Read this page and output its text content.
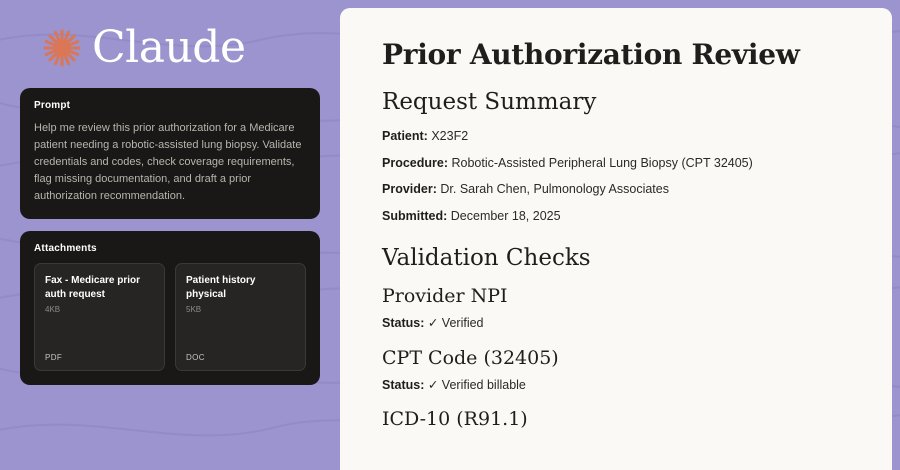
Claude
Prompt
Help me review this prior authorization for a Medicare patient needing a robotic-assisted lung biopsy. Validate credentials and codes, check coverage requirements, flag missing documentation, and draft a prior authorization recommendation.
Attachments
Fax - Medicare prior auth request
4KB
PDF
Patient history physical
5KB
DOC
Prior Authorization Review
Request Summary
Patient: X23F2
Procedure: Robotic-Assisted Peripheral Lung Biopsy (CPT 32405)
Provider: Dr. Sarah Chen, Pulmonology Associates
Submitted: December 18, 2025
Validation Checks
Provider NPI
Status: ✓ Verified
CPT Code (32405)
Status: ✓ Verified billable
ICD-10 (R91.1)
